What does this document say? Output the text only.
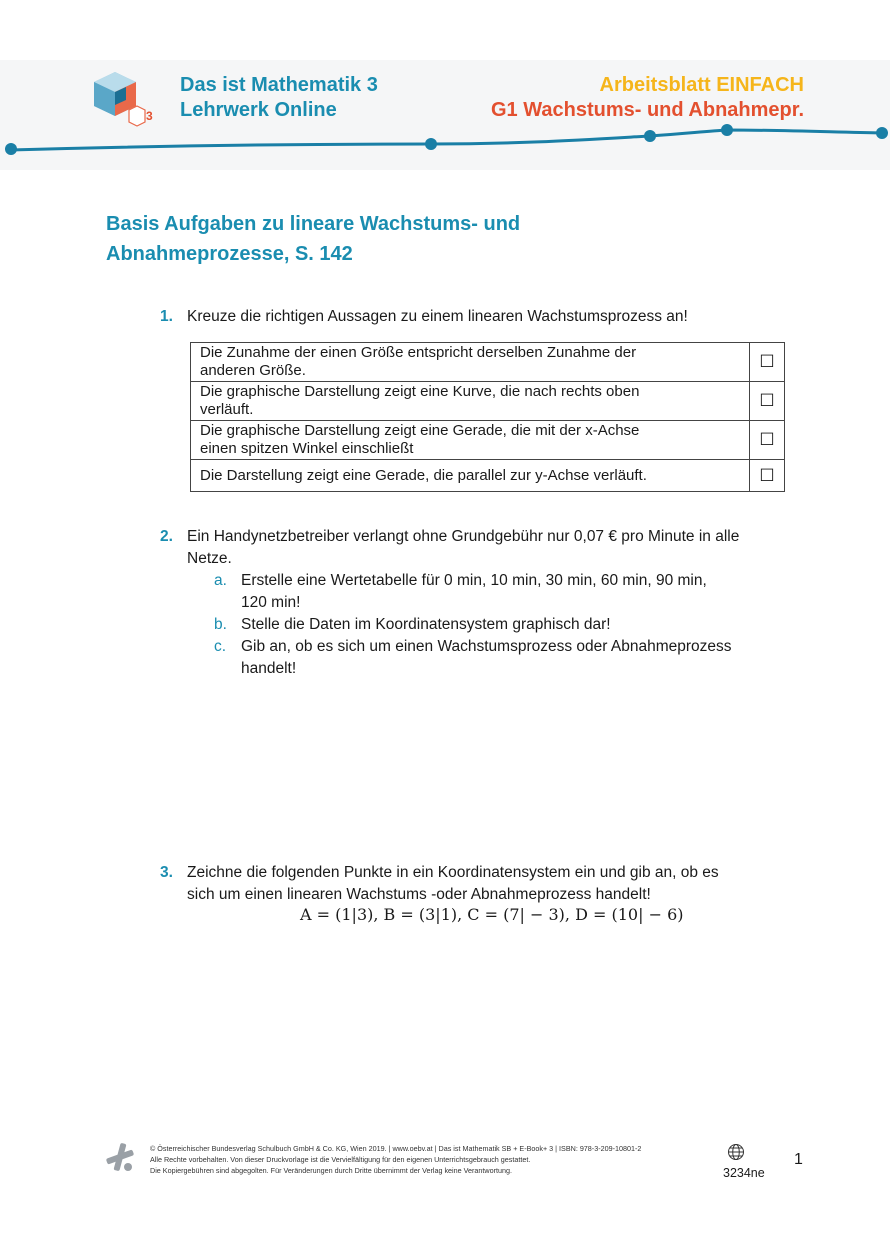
3
Das ist Mathematik 3
Lehrwerk Online
Arbeitsblatt EINFACH
G1 Wachstums- und Abnahmepr.
Basis Aufgaben zu lineare Wachstums- und
Abnahmeprozesse, S. 142
1. Kreuze die richtigen Aussagen zu einem linearen Wachstumsprozess an!
Die Zunahme der einen Größe entspricht derselben Zunahme der
anderen Größe.	☐

Die graphische Darstellung zeigt eine Kurve, die nach rechts oben
verläuft.	☐

Die graphische Darstellung zeigt eine Gerade, die mit der x-Achse
einen spitzen Winkel einschließt	☐

Die Darstellung zeigt eine Gerade, die parallel zur y-Achse verläuft.	☐
2. Ein Handynetzbetreiber verlangt ohne Grundgebühr nur 0,07 € pro Minute in alle
Netze.
a. Erstelle eine Wertetabelle für 0 min, 10 min, 30 min, 60 min, 90 min,
120 min!
b. Stelle die Daten im Koordinatensystem graphisch dar!
c. Gib an, ob es sich um einen Wachstumsprozess oder Abnahmeprozess
handelt!
3. Zeichne die folgenden Punkte in ein Koordinatensystem ein und gib an, ob es
sich um einen linearen Wachstums -oder Abnahmeprozess handelt!
A = (1|3), B = (3|1), C = (7| − 3), D = (10| − 6)
© Österreichischer Bundesverlag Schulbuch GmbH & Co. KG, Wien 2019. | www.oebv.at | Das ist Mathematik SB + E-Book+ 3 | ISBN: 978-3-209-10801-2
Alle Rechte vorbehalten. Von dieser Druckvorlage ist die Vervielfältigung für den eigenen Unterrichtsgebrauch gestattet.
Die Kopiergebühren sind abgegolten. Für Veränderungen durch Dritte übernimmt der Verlag keine Verantwortung.	3234ne
1
